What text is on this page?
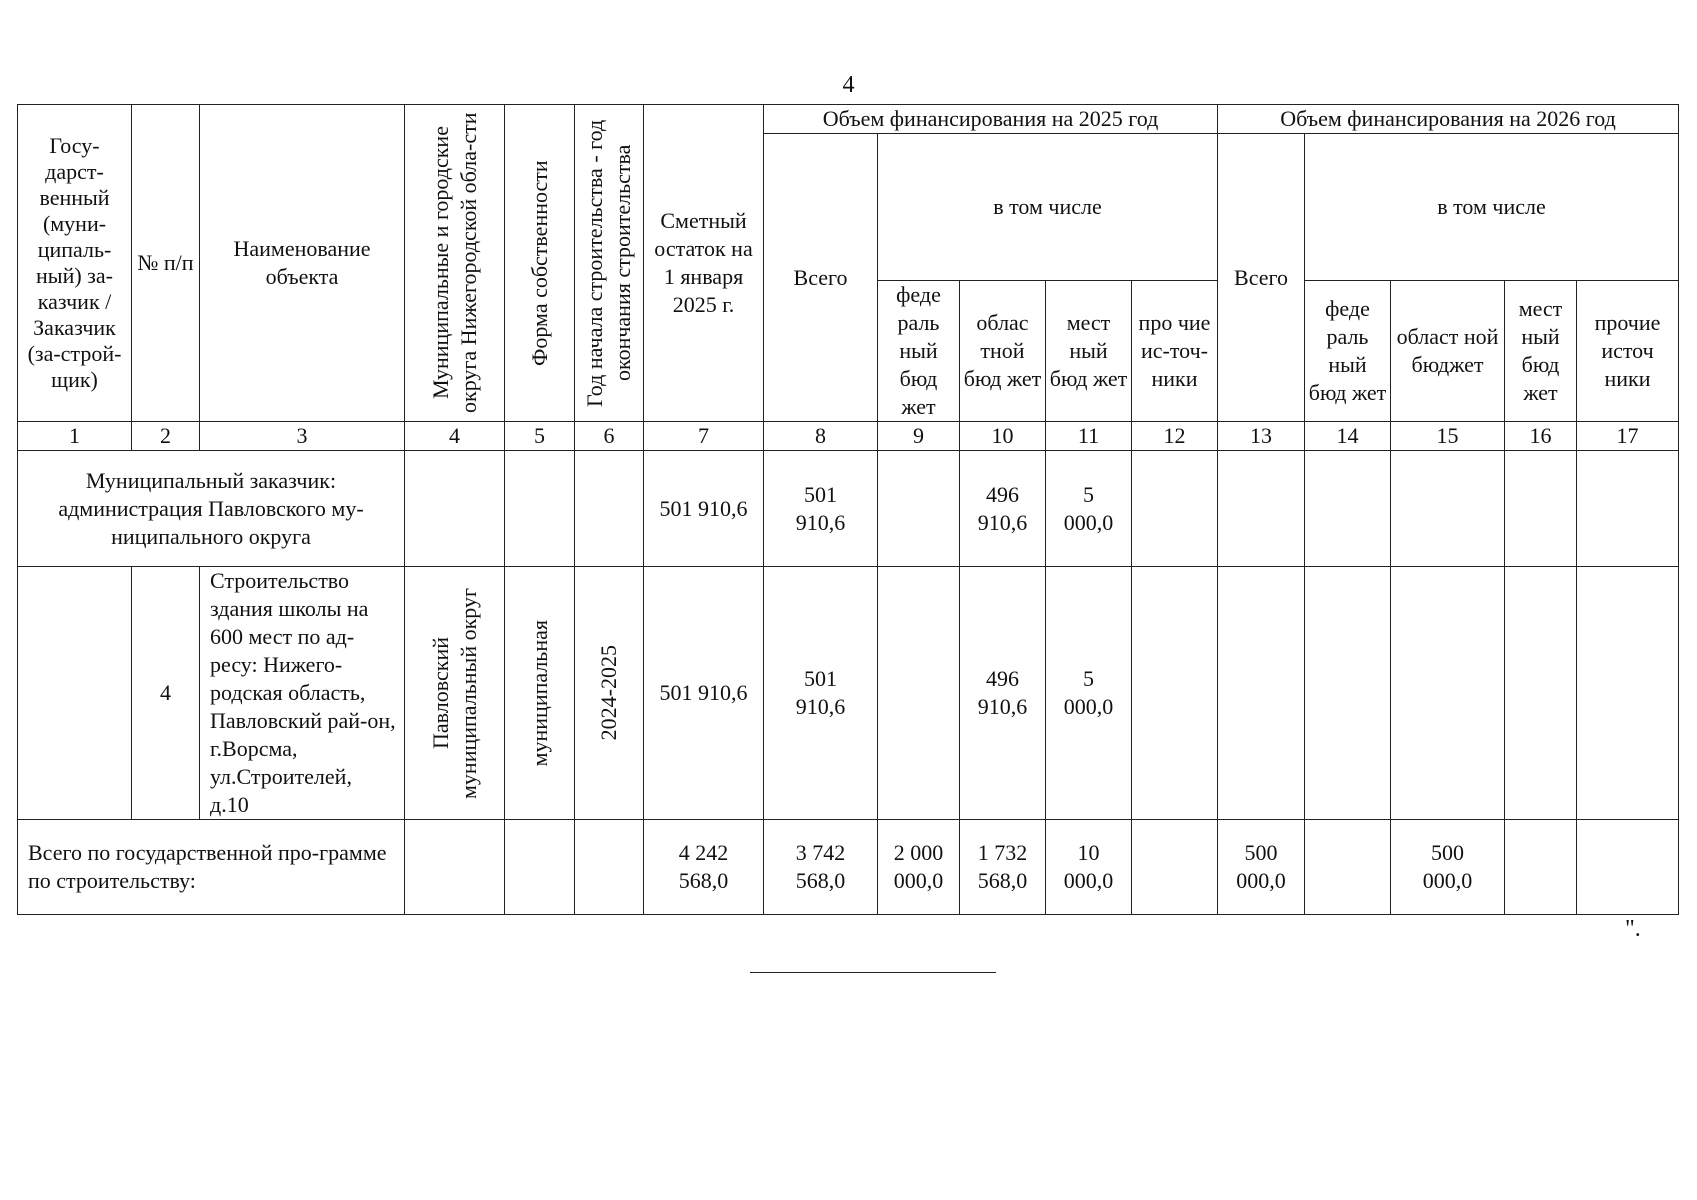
4
Госу-дарст-венный (муни-ципаль-ный) за-казчик / Заказчик (за-строй-щик)	№ п/п	Наименование объекта	Муниципальные и городские округа Нижегородской обла-сти	Форма собственности	Год начала строительства - год окончания строительства	Сметный остаток на 1 января 2025 г.	Объем финансирования на 2025 год					Объем финансирования на 2026 год				
							Всего	в том числе				Всего	в том числе			
								феде раль ный бюд жет	облас тной бюд жет	мест ный бюд жет	про чие ис-точ-ники		феде раль ный бюд жет	област ной бюджет	мест ный бюд жет	прочие источ ники
1	2	3	4	5	6	7	8	9	10	11	12	13	14	15	16	17
Муниципальный заказчик: администрация Павловского му-ниципального округа						501 910,6	501 910,6		496 910,6	5 000,0						
	4	Строительство здания школы на 600 мест по ад-ресу: Нижего-родская область, Павловский рай-он, г.Ворсма, ул.Строителей, д.10	Павловский муниципальный округ	муниципальная	2024-2025	501 910,6	501 910,6		496 910,6	5 000,0						
Всего по государственной про-грамме по строительству:						4 242 568,0	3 742 568,0	2 000 000,0	1 732 568,0	10 000,0		500 000,0		500 000,0		
".
